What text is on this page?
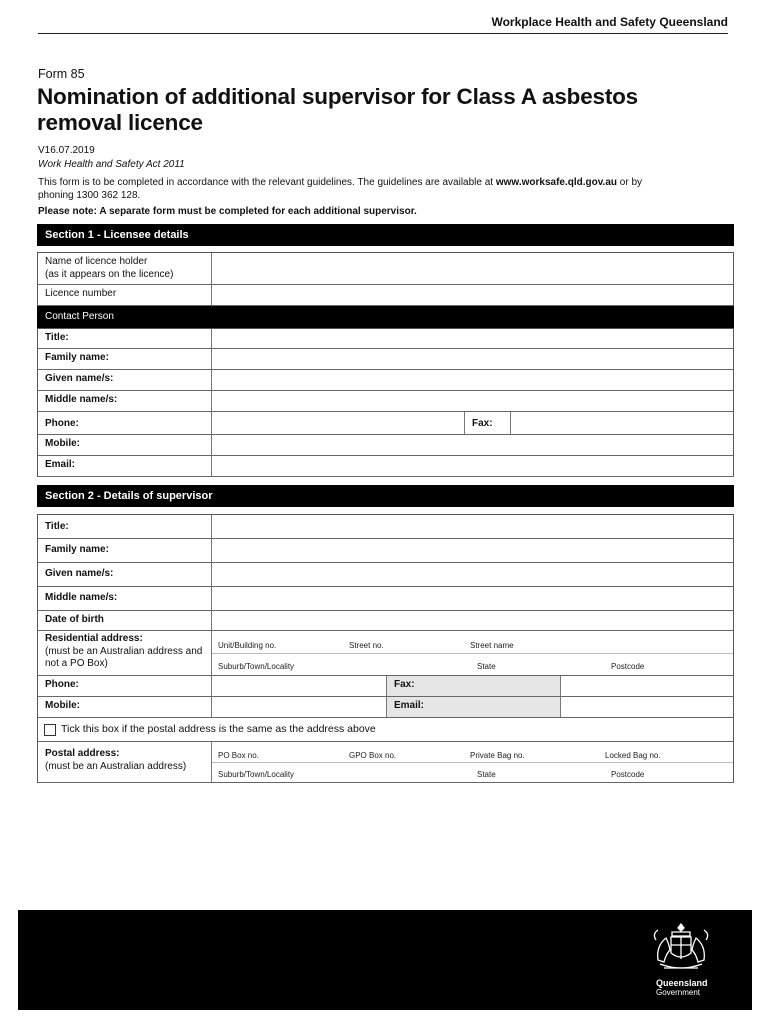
Workplace Health and Safety Queensland
Form 85
Nomination of additional supervisor for Class A asbestos removal licence
V16.07.2019
Work Health and Safety Act 2011
This form is to be completed in accordance with the relevant guidelines. The guidelines are available at www.worksafe.qld.gov.au or by phoning 1300 362 128.
Please note: A separate form must be completed for each additional supervisor.
Section 1 - Licensee details
Name of licence holder
(as it appears on the licence)
Licence number
Contact Person
Title:
Family name:
Given name/s:
Middle name/s:
Phone:	Fax:
Mobile:
Email:
Section 2 - Details of supervisor
Title:
Family name:
Given name/s:
Middle name/s:
Date of birth
Residential address:
(must be an Australian address and not a PO Box)
Unit/Building no.	Street no.	Street name
Suburb/Town/Locality	State	Postcode
Phone:	Fax:
Mobile:	Email:
Tick this box if the postal address is the same as the address above
Postal address:
(must be an Australian address)
PO Box no.	GPO Box no.	Private Bag no.	Locked Bag no.
Suburb/Town/Locality	State	Postcode
Queensland
Government
